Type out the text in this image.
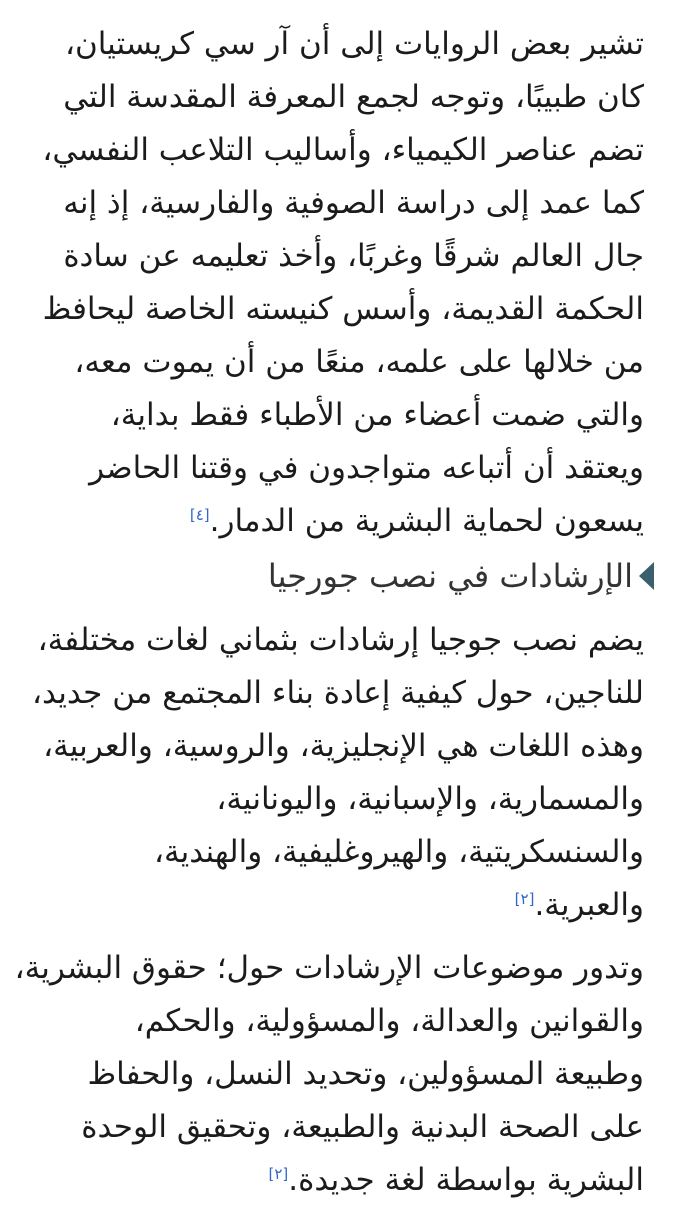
تشير بعض الروايات إلى أن آر سي كريستيان،
كان طبيبًا، وتوجه لجمع المعرفة المقدسة التي
تضم عناصر الكيمياء، وأساليب التلاعب النفسي،
كما عمد إلى دراسة الصوفية والفارسية، إذ إنه
جال العالم شرقًا وغربًا، وأخذ تعليمه عن سادة
الحكمة القديمة، وأسس كنيسته الخاصة ليحافظ
من خلالها على علمه، منعًا من أن يموت معه،
والتي ضمت أعضاء من الأطباء فقط بداية،
ويعتقد أن أتباعه متواجدون في وقتنا الحاضر
يسعون لحماية البشرية من الدمار.[٤]
الإرشادات في نصب جورجيا
يضم نصب جوجيا إرشادات بثماني لغات مختلفة،
للناجين، حول كيفية إعادة بناء المجتمع من جديد،
وهذه اللغات هي الإنجليزية، والروسية، والعربية،
والمسمارية، والإسبانية، واليونانية،
والسنسكريتية، والهيروغليفية، والهندية،
والعبرية.[٢]
وتدور موضوعات الإرشادات حول؛ حقوق البشرية،
والقوانين والعدالة، والمسؤولية، والحكم،
وطبيعة المسؤولين، وتحديد النسل، والحفاظ
على الصحة البدنية والطبيعة، وتحقيق الوحدة
البشرية بواسطة لغة جديدة.[٢]
